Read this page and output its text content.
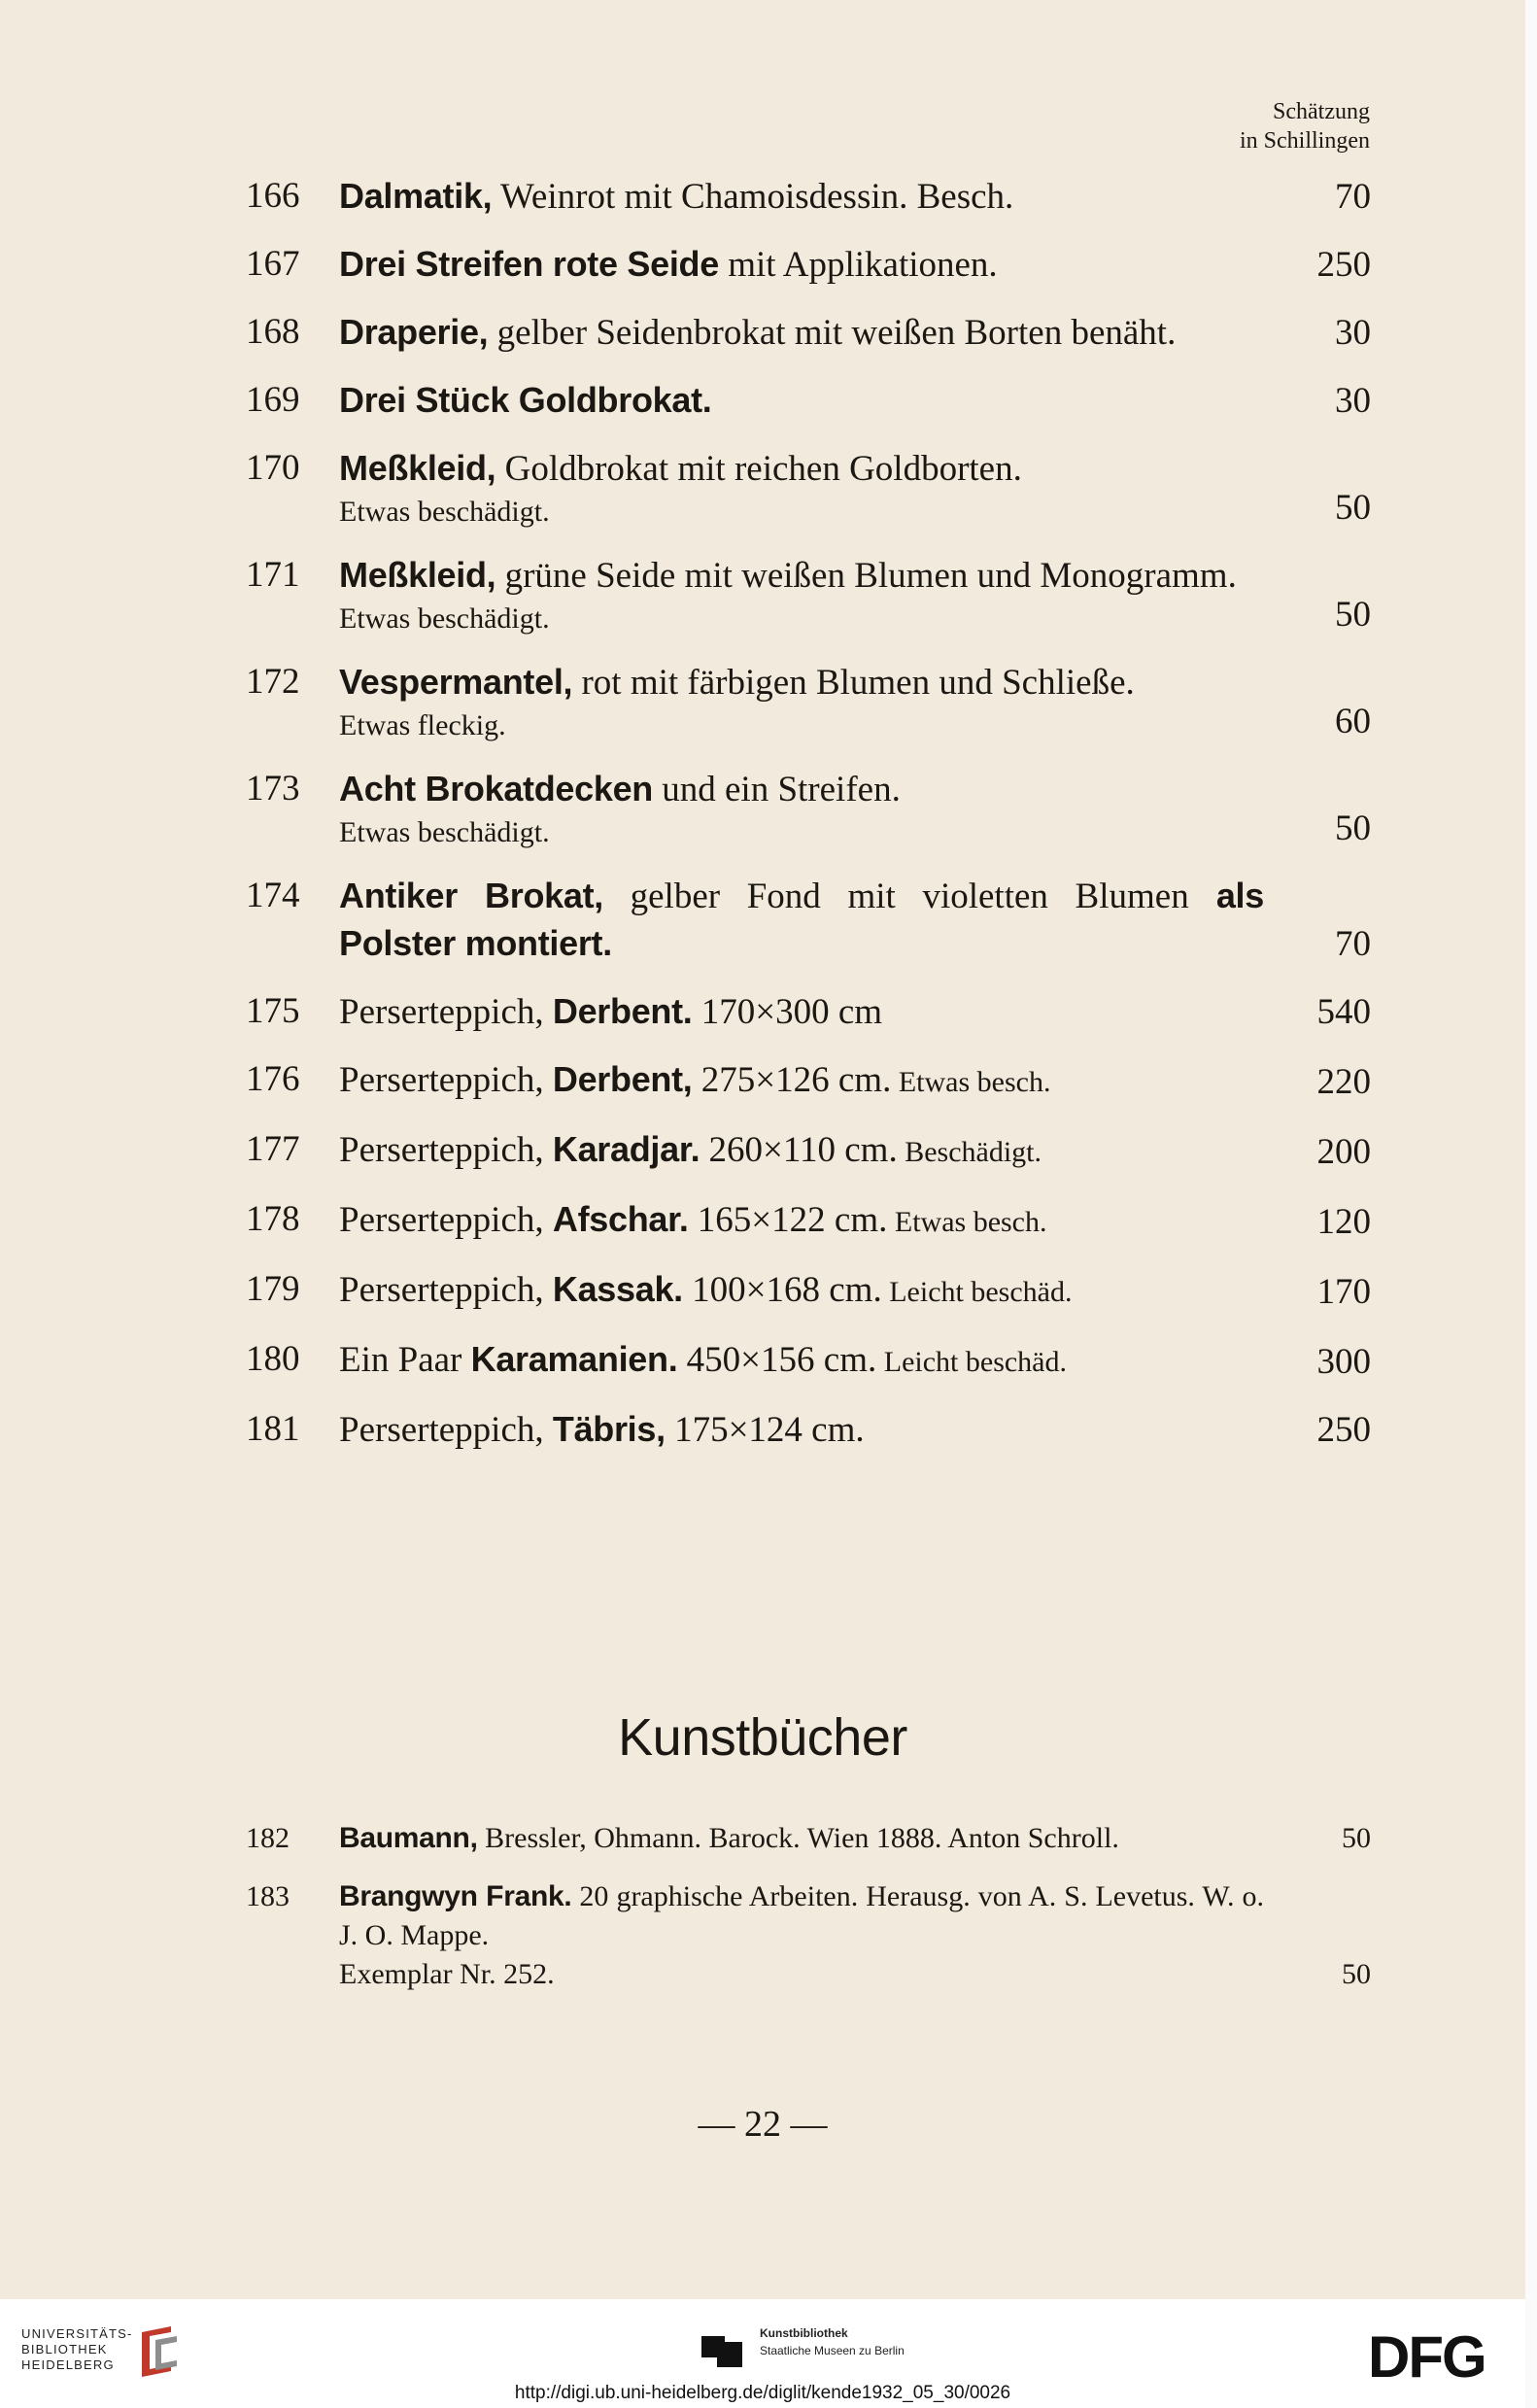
Schätzung
in Schillingen
166	Dalmatik, Weinrot mit Chamoisdessin. Besch.	70
167	Drei Streifen rote Seide mit Applikationen.	250
168	Draperie, gelber Seidenbrokat mit weißen Borten benäht.	30
169	Drei Stück Goldbrokat.	30
170	Meßkleid, Goldbrokat mit reichen Goldborten.
Etwas beschädigt.	50
171	Meßkleid, grüne Seide mit weißen Blumen und Monogramm.
Etwas beschädigt.	50
172	Vespermantel, rot mit färbigen Blumen und Schließe.
Etwas fleckig.	60
173	Acht Brokatdecken und ein Streifen.
Etwas beschädigt.	50
174	Antiker Brokat, gelber Fond mit violetten Blumen als Polster montiert.	70
175	Perserteppich, Derbent. 170×300 cm	540
176	Perserteppich, Derbent, 275×126 cm. Etwas besch.	220
177	Perserteppich, Karadjar. 260×110 cm. Beschädigt.	200
178	Perserteppich, Afschar. 165×122 cm. Etwas besch.	120
179	Perserteppich, Kassak. 100×168 cm. Leicht beschäd.	170
180	Ein Paar Karamanien. 450×156 cm. Leicht beschäd.	300
181	Perserteppich, Täbris, 175×124 cm.	250
Kunstbücher
182	Baumann, Bressler, Ohmann. Barock. Wien 1888. Anton Schroll.	50
183	Brangwyn Frank. 20 graphische Arbeiten. Herausg. von A. S. Levetus. W. o. J. O. Mappe.
Exemplar Nr. 252.	50
— 22 —
UNIVERSITÄTS-
BIBLIOTHEK
HEIDELBERG
Kunstbibliothek
Staatliche Museen zu Berlin	DFG
http://digi.ub.uni-heidelberg.de/diglit/kende1932_05_30/0026
